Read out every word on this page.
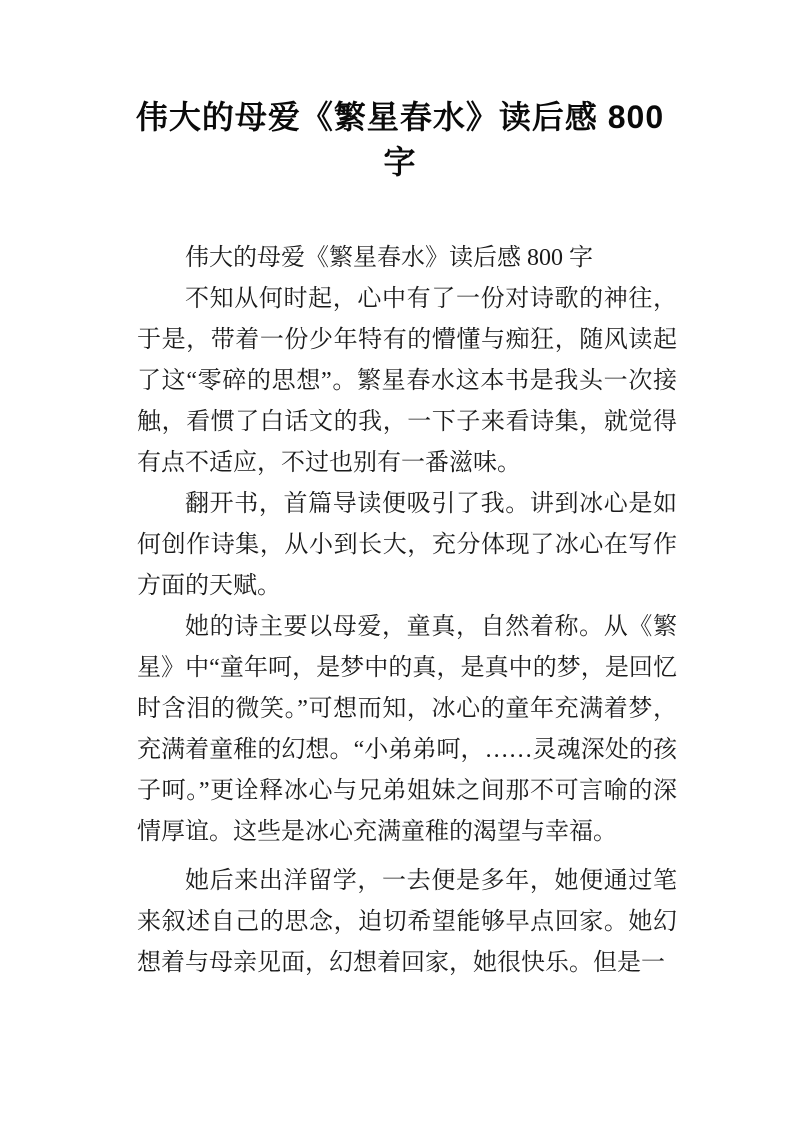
伟大的母爱《繁星春水》读后感 800
字

伟大的母爱《繁星春水》读后感 800 字

不知从何时起，心中有了一份对诗歌的神往，于是，带着一份少年特有的懵懂与痴狂，随风读起了这“零碎的思想”。繁星春水这本书是我头一次接触，看惯了白话文的我，一下子来看诗集，就觉得有点不适应，不过也别有一番滋味。

翻开书，首篇导读便吸引了我。讲到冰心是如何创作诗集，从小到长大，充分体现了冰心在写作方面的天赋。

她的诗主要以母爱，童真，自然着称。从《繁星》中“童年呵，是梦中的真，是真中的梦，是回忆时含泪的微笑。”可想而知，冰心的童年充满着梦，充满着童稚的幻想。“小弟弟呵，……灵魂深处的孩子呵。”更诠释冰心与兄弟姐妹之间那不可言喻的深情厚谊。这些是冰心充满童稚的渴望与幸福。

她后来出洋留学，一去便是多年，她便通过笔来叙述自己的思念，迫切希望能够早点回家。她幻想着与母亲见面，幻想着回家，她很快乐。但是一
